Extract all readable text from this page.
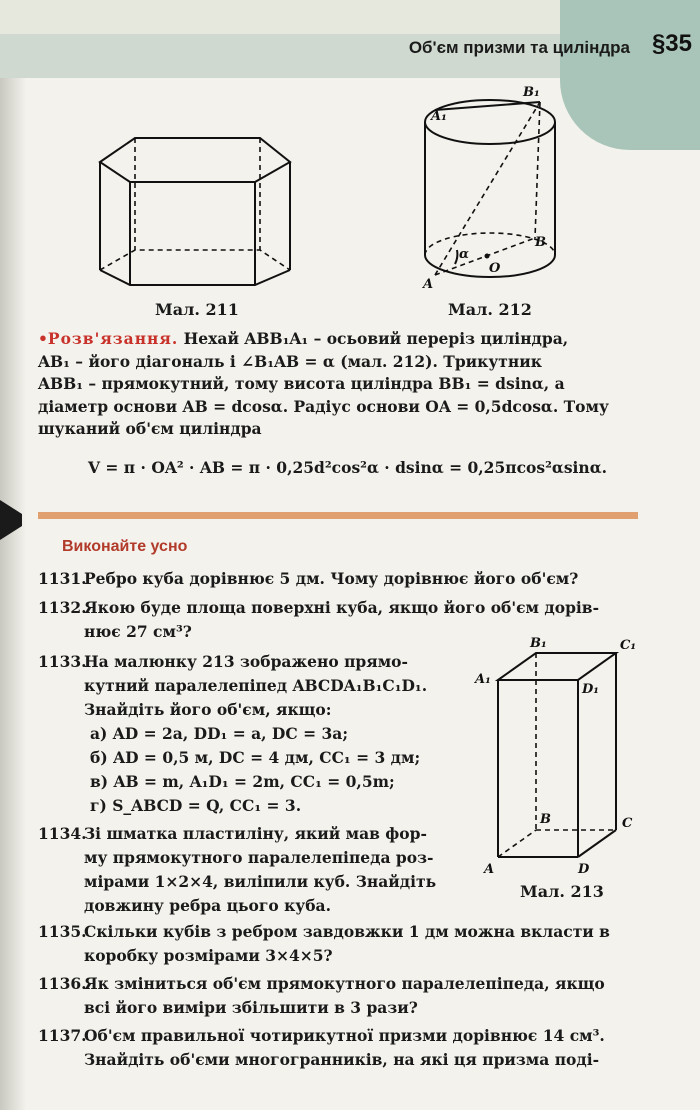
Об'єм призми та циліндра §35
Мал. 211
B₁
A₁
B
α
O
A
Мал. 212
•Розв'язання. Нехай ABB₁A₁ – осьовий переріз циліндра,
AB₁ – його діагональ і ∠B₁AB = α (мал. 212). Трикутник
ABB₁ – прямокутний, тому висота циліндра BB₁ = dsinα, а
діаметр основи AB = dcosα. Радіус основи OA = 0,5dcosα. Тому
шуканий об'єм циліндра
V = π · OA² · AB = π · 0,25d²cos²α · dsinα = 0,25πcos²αsinα.
Виконайте усно
1131.Ребро куба дорівнює 5 дм. Чому дорівнює його об'єм?
1132.Якою буде площа поверхні куба, якщо його об'єм дорів-
нює 27 см³?
1133.На малюнку 213 зображено прямо-
кутний паралелепіпед ABCDA₁B₁C₁D₁.
Знайдіть його об'єм, якщо:
а) AD = 2a, DD₁ = a, DC = 3a;
б) AD = 0,5 м, DC = 4 дм, CC₁ = 3 дм;
в) AB = m, A₁D₁ = 2m, CC₁ = 0,5m;
г) S_ABCD = Q, CC₁ = 3.
1134.Зі шматка пластиліну, який мав фор-
му прямокутного паралелепіпеда роз-
мірами 1×2×4, виліпили куб. Знайдіть
довжину ребра цього куба.
B₁	C₁
A₁
D₁
B	C
A	D
Мал. 213
1135.Скільки кубів з ребром завдовжки 1 дм можна вкласти в
коробку розмірами 3×4×5?
1136.Як зміниться об'єм прямокутного паралелепіпеда, якщо
всі його виміри збільшити в 3 рази?
1137.Об'єм правильної чотирикутної призми дорівнює 14 см³.
Знайдіть об'єми многогранників, на які ця призма поді-
